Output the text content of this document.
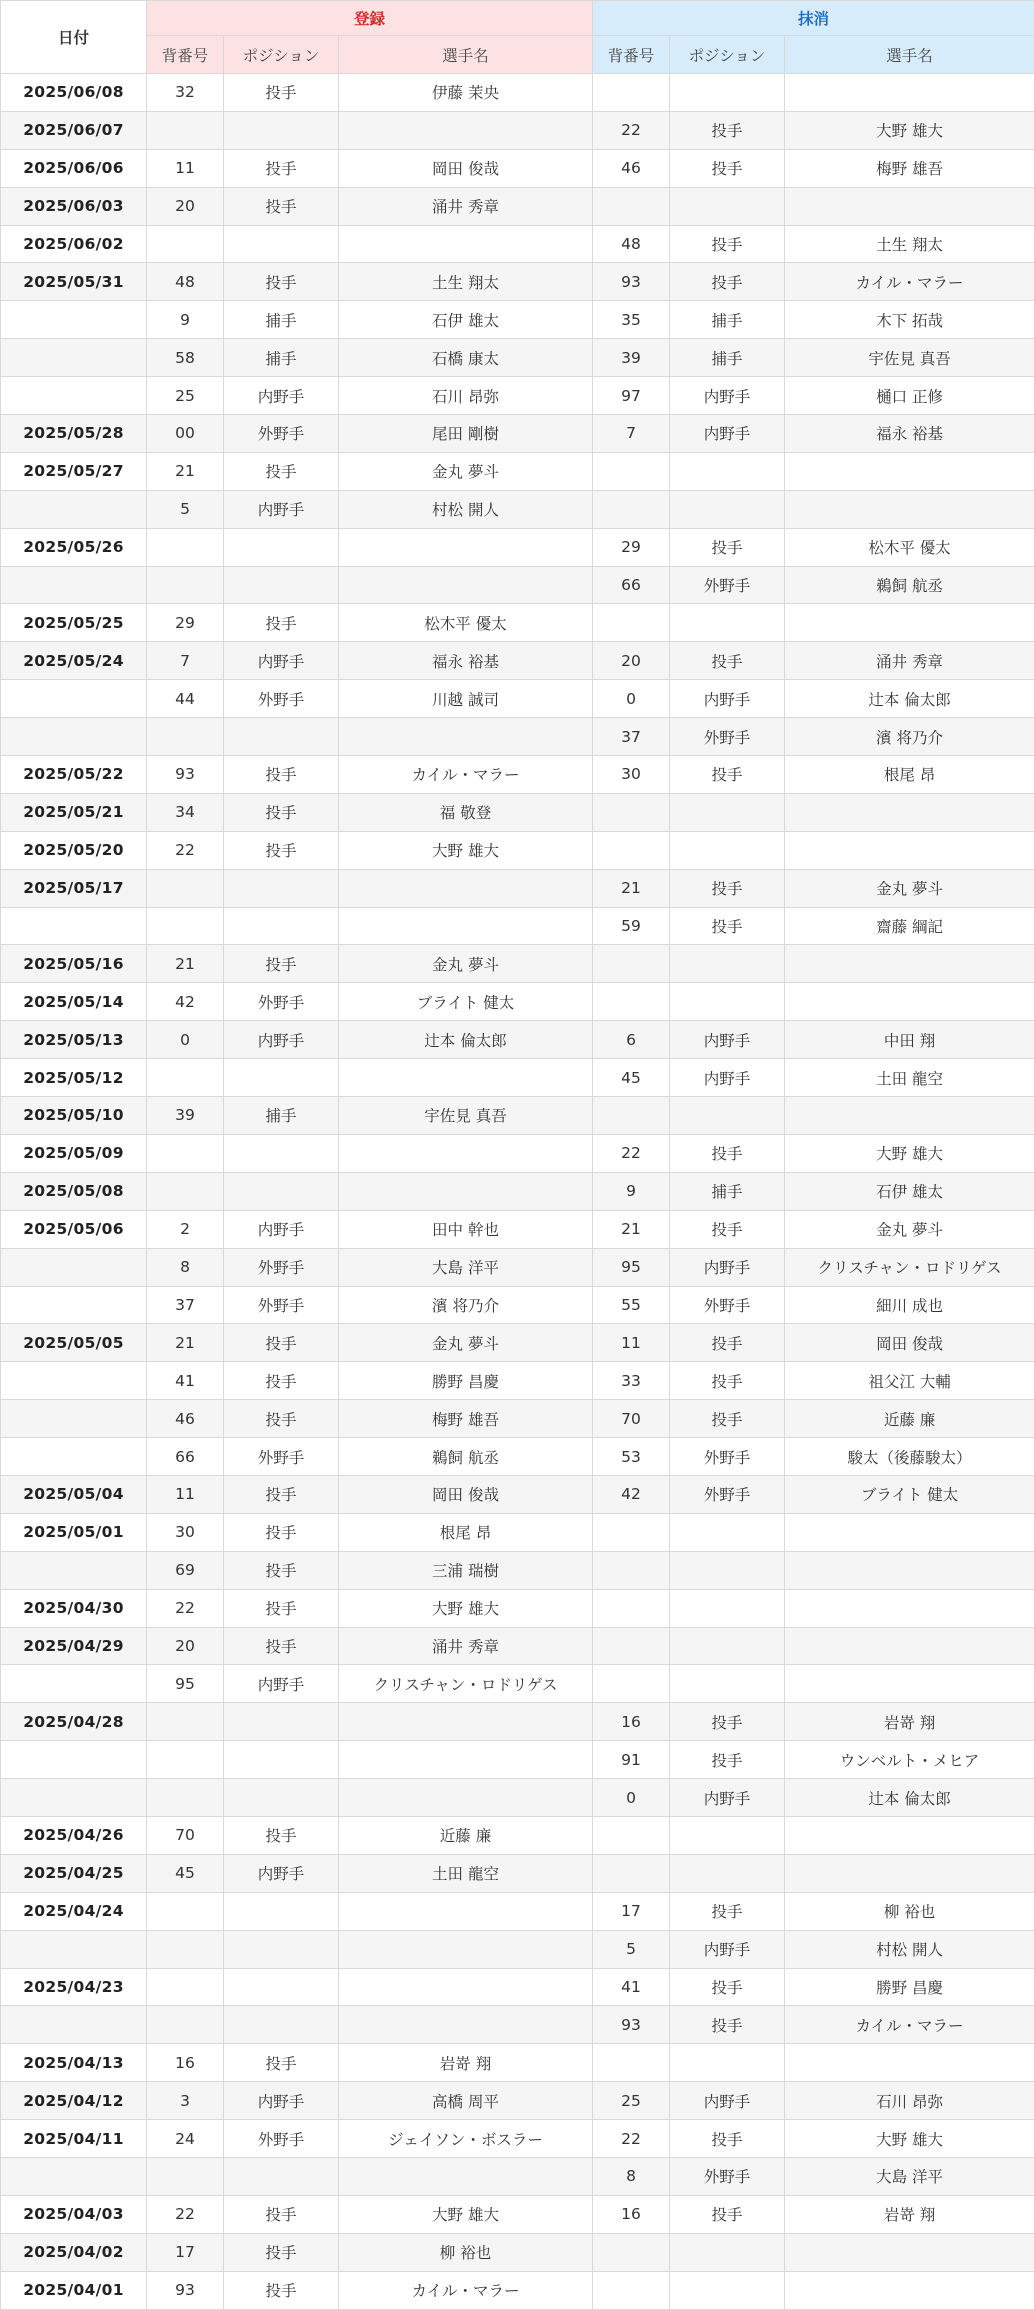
日付	登録			抹消		
	背番号	ポジション	選手名	背番号	ポジション	選手名
2025/06/08	32	投手	伊藤 茉央			
2025/06/07				22	投手	大野 雄大
2025/06/06	11	投手	岡田 俊哉	46	投手	梅野 雄吾
2025/06/03	20	投手	涌井 秀章			
2025/06/02				48	投手	土生 翔太
2025/05/31	48	投手	土生 翔太	93	投手	カイル・マラー
	9	捕手	石伊 雄太	35	捕手	木下 拓哉
	58	捕手	石橋 康太	39	捕手	宇佐見 真吾
	25	内野手	石川 昂弥	97	内野手	樋口 正修
2025/05/28	00	外野手	尾田 剛樹	7	内野手	福永 裕基
2025/05/27	21	投手	金丸 夢斗			
	5	内野手	村松 開人			
2025/05/26				29	投手	松木平 優太
				66	外野手	鵜飼 航丞
2025/05/25	29	投手	松木平 優太			
2025/05/24	7	内野手	福永 裕基	20	投手	涌井 秀章
	44	外野手	川越 誠司	0	内野手	辻本 倫太郎
				37	外野手	濱 将乃介
2025/05/22	93	投手	カイル・マラー	30	投手	根尾 昂
2025/05/21	34	投手	福 敬登			
2025/05/20	22	投手	大野 雄大			
2025/05/17				21	投手	金丸 夢斗
				59	投手	齋藤 綱記
2025/05/16	21	投手	金丸 夢斗			
2025/05/14	42	外野手	ブライト 健太			
2025/05/13	0	内野手	辻本 倫太郎	6	内野手	中田 翔
2025/05/12				45	内野手	土田 龍空
2025/05/10	39	捕手	宇佐見 真吾			
2025/05/09				22	投手	大野 雄大
2025/05/08				9	捕手	石伊 雄太
2025/05/06	2	内野手	田中 幹也	21	投手	金丸 夢斗
	8	外野手	大島 洋平	95	内野手	クリスチャン・ロドリゲス
	37	外野手	濱 将乃介	55	外野手	細川 成也
2025/05/05	21	投手	金丸 夢斗	11	投手	岡田 俊哉
	41	投手	勝野 昌慶	33	投手	祖父江 大輔
	46	投手	梅野 雄吾	70	投手	近藤 廉
	66	外野手	鵜飼 航丞	53	外野手	駿太（後藤駿太）
2025/05/04	11	投手	岡田 俊哉	42	外野手	ブライト 健太
2025/05/01	30	投手	根尾 昂			
	69	投手	三浦 瑞樹			
2025/04/30	22	投手	大野 雄大			
2025/04/29	20	投手	涌井 秀章			
	95	内野手	クリスチャン・ロドリゲス			
2025/04/28				16	投手	岩嵜 翔
				91	投手	ウンベルト・メヒア
				0	内野手	辻本 倫太郎
2025/04/26	70	投手	近藤 廉			
2025/04/25	45	内野手	土田 龍空			
2025/04/24				17	投手	柳 裕也
				5	内野手	村松 開人
2025/04/23				41	投手	勝野 昌慶
				93	投手	カイル・マラー
2025/04/13	16	投手	岩嵜 翔			
2025/04/12	3	内野手	高橋 周平	25	内野手	石川 昂弥
2025/04/11	24	外野手	ジェイソン・ボスラー	22	投手	大野 雄大
				8	外野手	大島 洋平
2025/04/03	22	投手	大野 雄大	16	投手	岩嵜 翔
2025/04/02	17	投手	柳 裕也			
2025/04/01	93	投手	カイル・マラー			
